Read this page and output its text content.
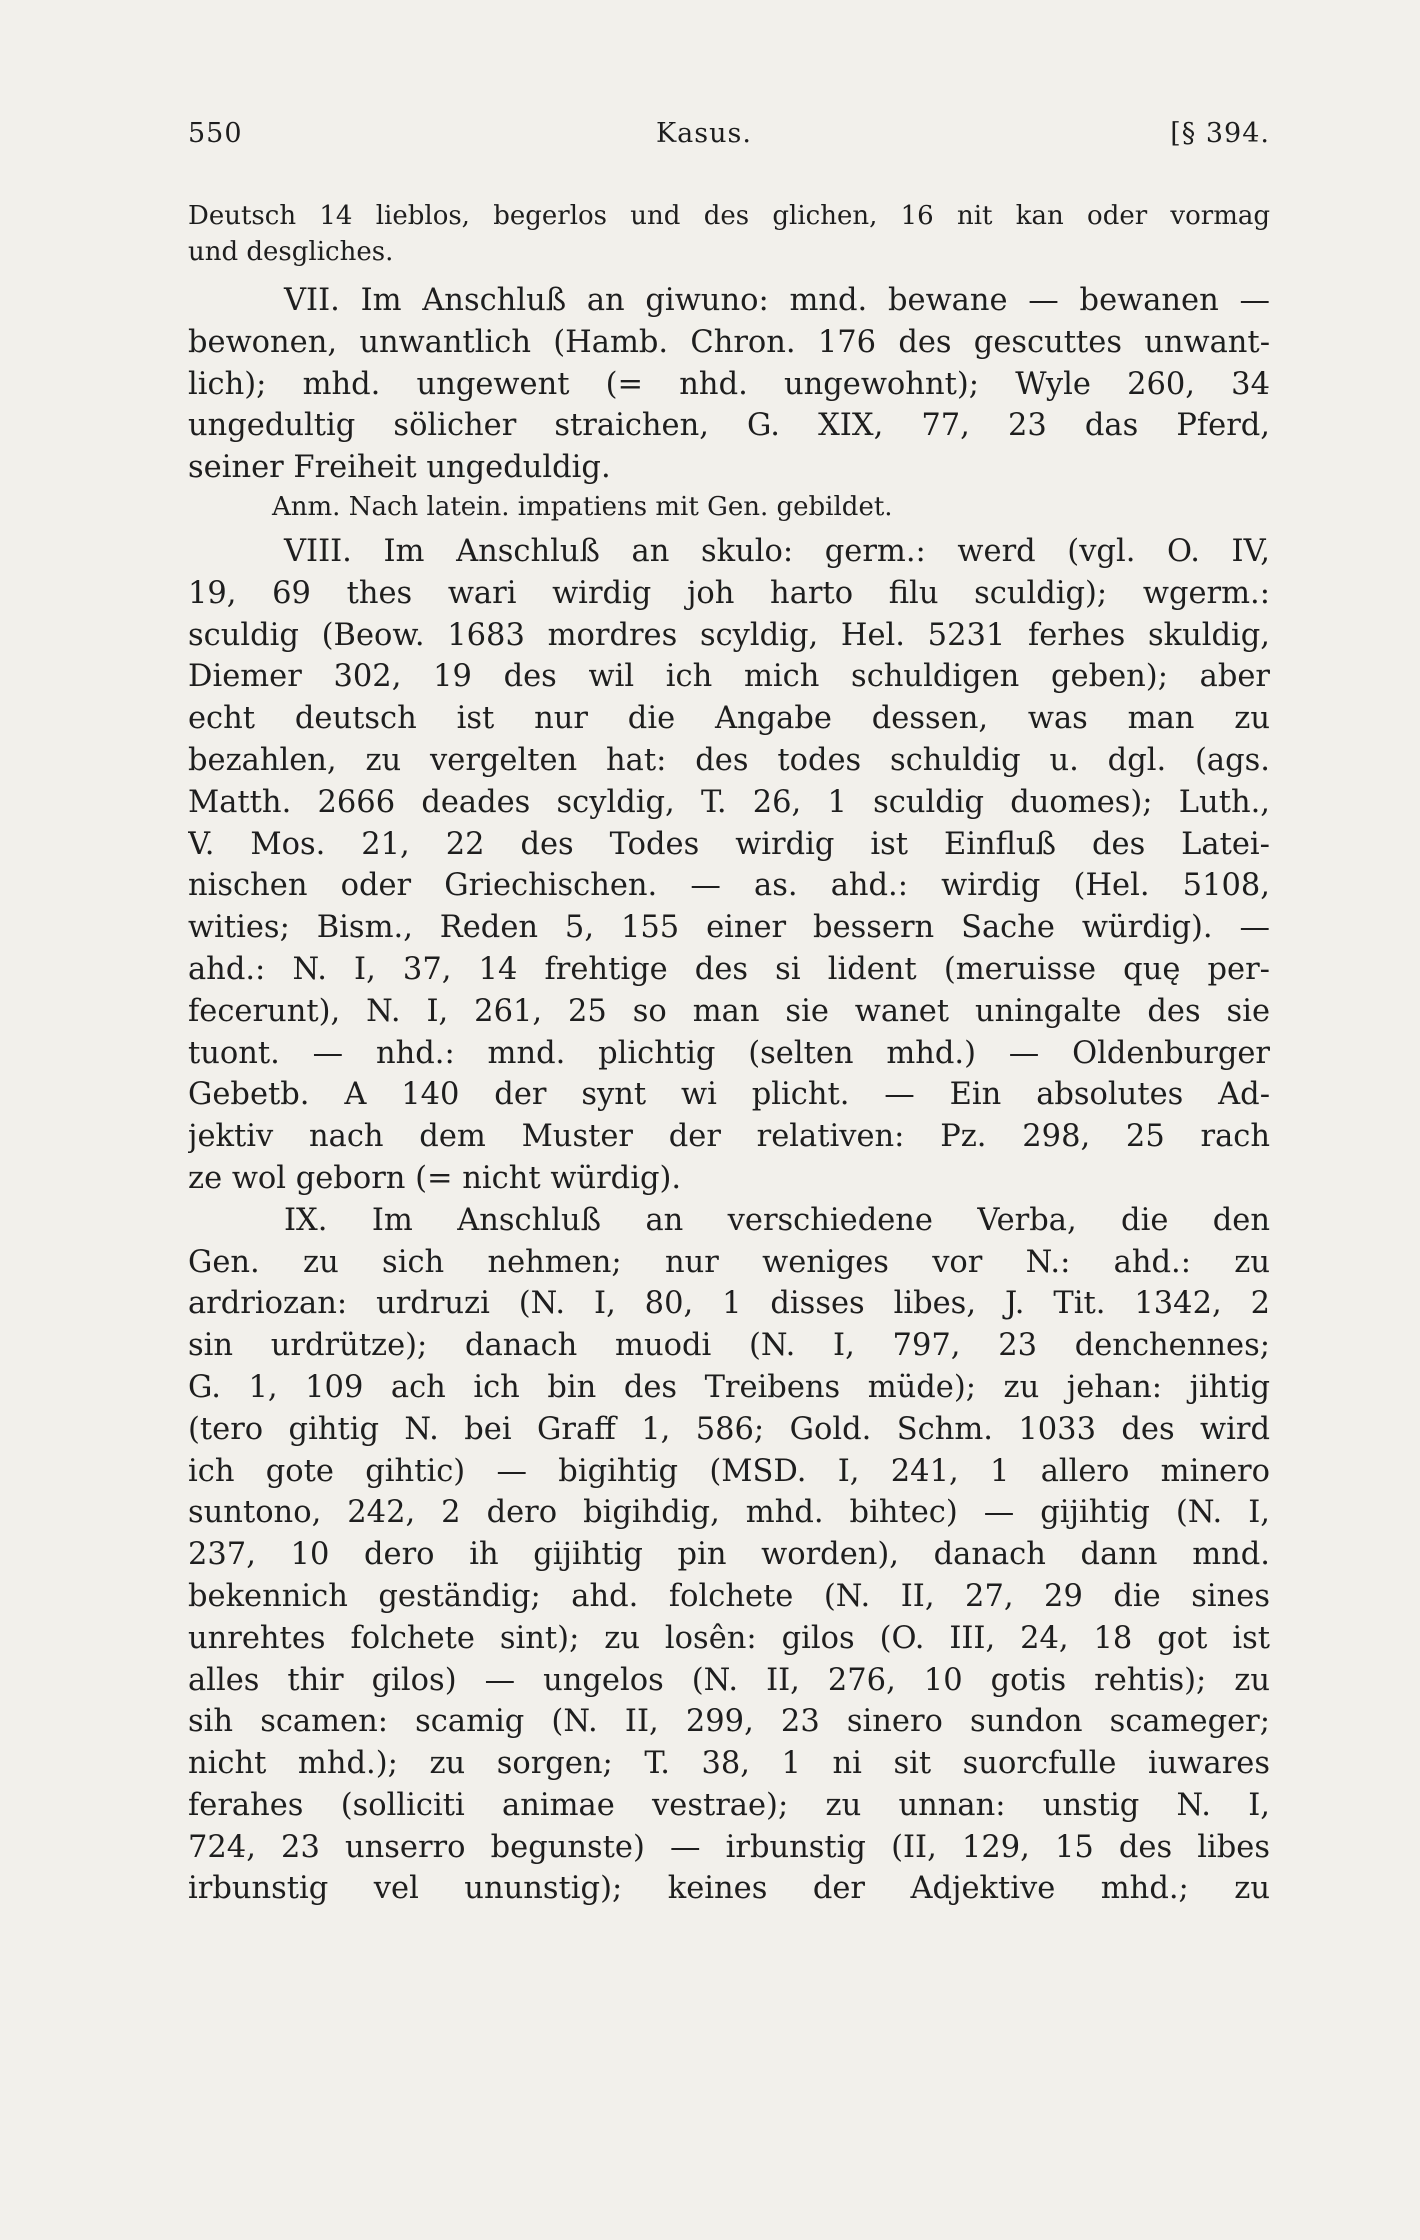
550	Kasus.	[§ 394.
Deutsch 14 lieblos, begerlos und des glichen, 16 nit kan oder vormag
und desgliches.
VII. Im Anschluß an giwuno: mnd. bewane — bewanen —
bewonen, unwantlich (Hamb. Chron. 176 des gescuttes unwant-
lich); mhd. ungewent (= nhd. ungewohnt); Wyle 260, 34
ungedultig sölicher straichen, G. XIX, 77, 23 das Pferd,
seiner Freiheit ungeduldig.
Anm. Nach latein. impatiens mit Gen. gebildet.
VIII. Im Anschluß an skulo: germ.: werd (vgl. O. IV,
19, 69 thes wari wirdig joh harto filu sculdig); wgerm.:
sculdig (Beow. 1683 mordres scyldig, Hel. 5231 ferhes skuldig,
Diemer 302, 19 des wil ich mich schuldigen geben); aber
echt deutsch ist nur die Angabe dessen, was man zu
bezahlen, zu vergelten hat: des todes schuldig u. dgl. (ags.
Matth. 2666 deades scyldig, T. 26, 1 sculdig duomes); Luth.,
V. Mos. 21, 22 des Todes wirdig ist Einfluß des Latei-
nischen oder Griechischen. — as. ahd.: wirdig (Hel. 5108,
wities; Bism., Reden 5, 155 einer bessern Sache würdig). —
ahd.: N. I, 37, 14 frehtige des si lident (meruisse quę per-
fecerunt), N. I, 261, 25 so man sie wanet uningalte des sie
tuont. — nhd.: mnd. plichtig (selten mhd.) — Oldenburger
Gebetb. A 140 der synt wi plicht. — Ein absolutes Ad-
jektiv nach dem Muster der relativen: Pz. 298, 25 rach
ze wol geborn (= nicht würdig).
IX. Im Anschluß an verschiedene Verba, die den
Gen. zu sich nehmen; nur weniges vor N.: ahd.: zu
ardriozan: urdruzi (N. I, 80, 1 disses libes, J. Tit. 1342, 2
sin urdrütze); danach muodi (N. I, 797, 23 denchennes;
G. 1, 109 ach ich bin des Treibens müde); zu jehan: jihtig
(tero gihtig N. bei Graff 1, 586; Gold. Schm. 1033 des wird
ich gote gihtic) — bigihtig (MSD. I, 241, 1 allero minero
suntono, 242, 2 dero bigihdig, mhd. bihtec) — gijihtig (N. I,
237, 10 dero ih gijihtig pin worden), danach dann mnd.
bekennich geständig; ahd. folchete (N. II, 27, 29 die sines
unrehtes folchete sint); zu losên: gilos (O. III, 24, 18 got ist
alles thir gilos) — ungelos (N. II, 276, 10 gotis rehtis); zu
sih scamen: scamig (N. II, 299, 23 sinero sundon scameger;
nicht mhd.); zu sorgen; T. 38, 1 ni sit suorcfulle iuwares
ferahes (solliciti animae vestrae); zu unnan: unstig N. I,
724, 23 unserro begunste) — irbunstig (II, 129, 15 des libes
irbunstig vel ununstig); keines der Adjektive mhd.; zu
